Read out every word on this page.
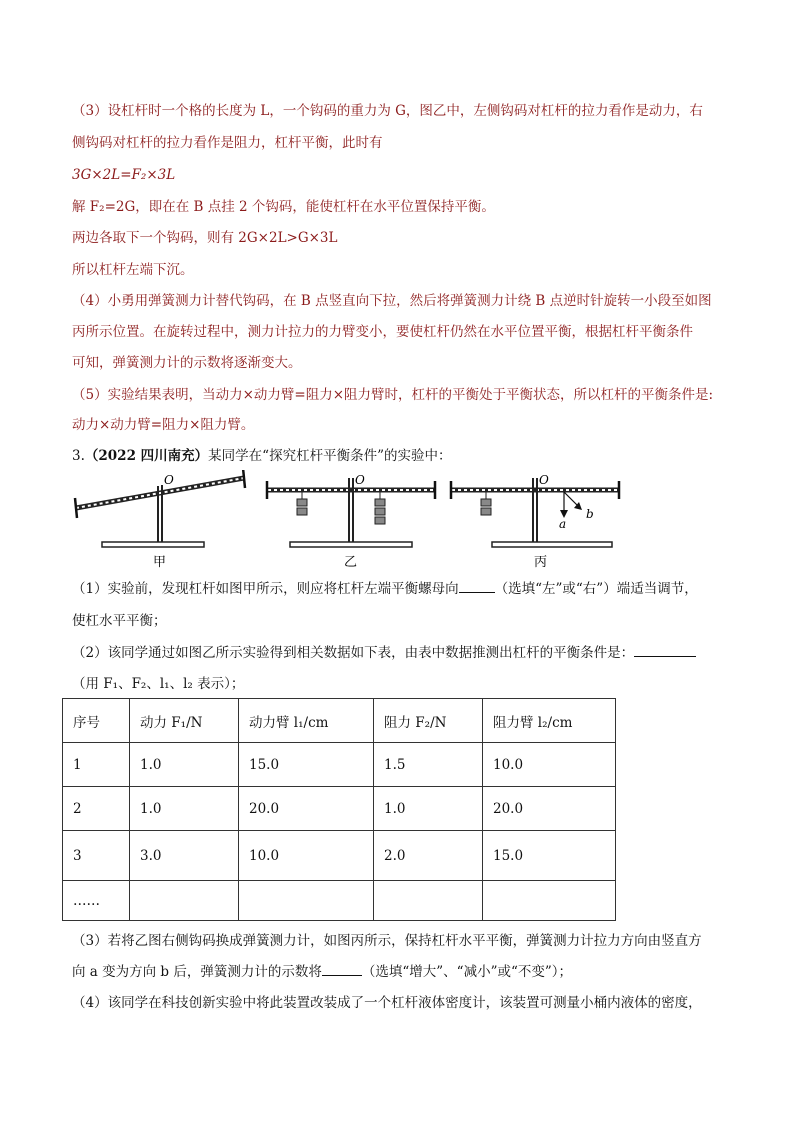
（3）设杠杆时一个格的长度为 L，一个钩码的重力为 G，图乙中，左侧钩码对杠杆的拉力看作是动力，右
侧钩码对杠杆的拉力看作是阻力，杠杆平衡，此时有
3G×2L=F₂×3L
解 F₂=2G，即在在 B 点挂 2 个钩码，能使杠杆在水平位置保持平衡。
两边各取下一个钩码，则有 2G×2L>G×3L
所以杠杆左端下沉。
（4）小勇用弹簧测力计替代钩码，在 B 点竖直向下拉，然后将弹簧测力计绕 B 点逆时针旋转一小段至如图
丙所示位置。在旋转过程中，测力计拉力的力臂变小，要使杠杆仍然在水平位置平衡，根据杠杆平衡条件
可知，弹簧测力计的示数将逐渐变大。
（5）实验结果表明，当动力×动力臂=阻力×阻力臂时，杠杆的平衡处于平衡状态，所以杠杆的平衡条件是:
动力×动力臂=阻力×阻力臂。
3.（2022 四川南充）某同学在“探究杠杆平衡条件”的实验中：
O
甲
O
乙
O
a
b
丙
（1）实验前，发现杠杆如图甲所示，则应将杠杆左端平衡螺母向	（选填“左”或“右”）端适当调节，
使杠水平平衡；
（2）该同学通过如图乙所示实验得到相关数据如下表，由表中数据推测出杠杆的平衡条件是：
（用 F₁、F₂、l₁、l₂ 表示）；
序号	动力 F₁/N	动力臂 l₁/cm	阻力 F₂/N	阻力臂 l₂/cm
1	1.0	15.0	1.5	10.0
2	1.0	20.0	1.0	20.0
3	3.0	10.0	2.0	15.0
……				
（3）若将乙图右侧钩码换成弹簧测力计，如图丙所示，保持杠杆水平平衡，弹簧测力计拉力方向由竖直方
向 a 变为方向 b 后，弹簧测力计的示数将	（选填“增大”、“减小”或“不变”）；
（4）该同学在科技创新实验中将此装置改装成了一个杠杆液体密度计，该装置可测量小桶内液体的密度，
